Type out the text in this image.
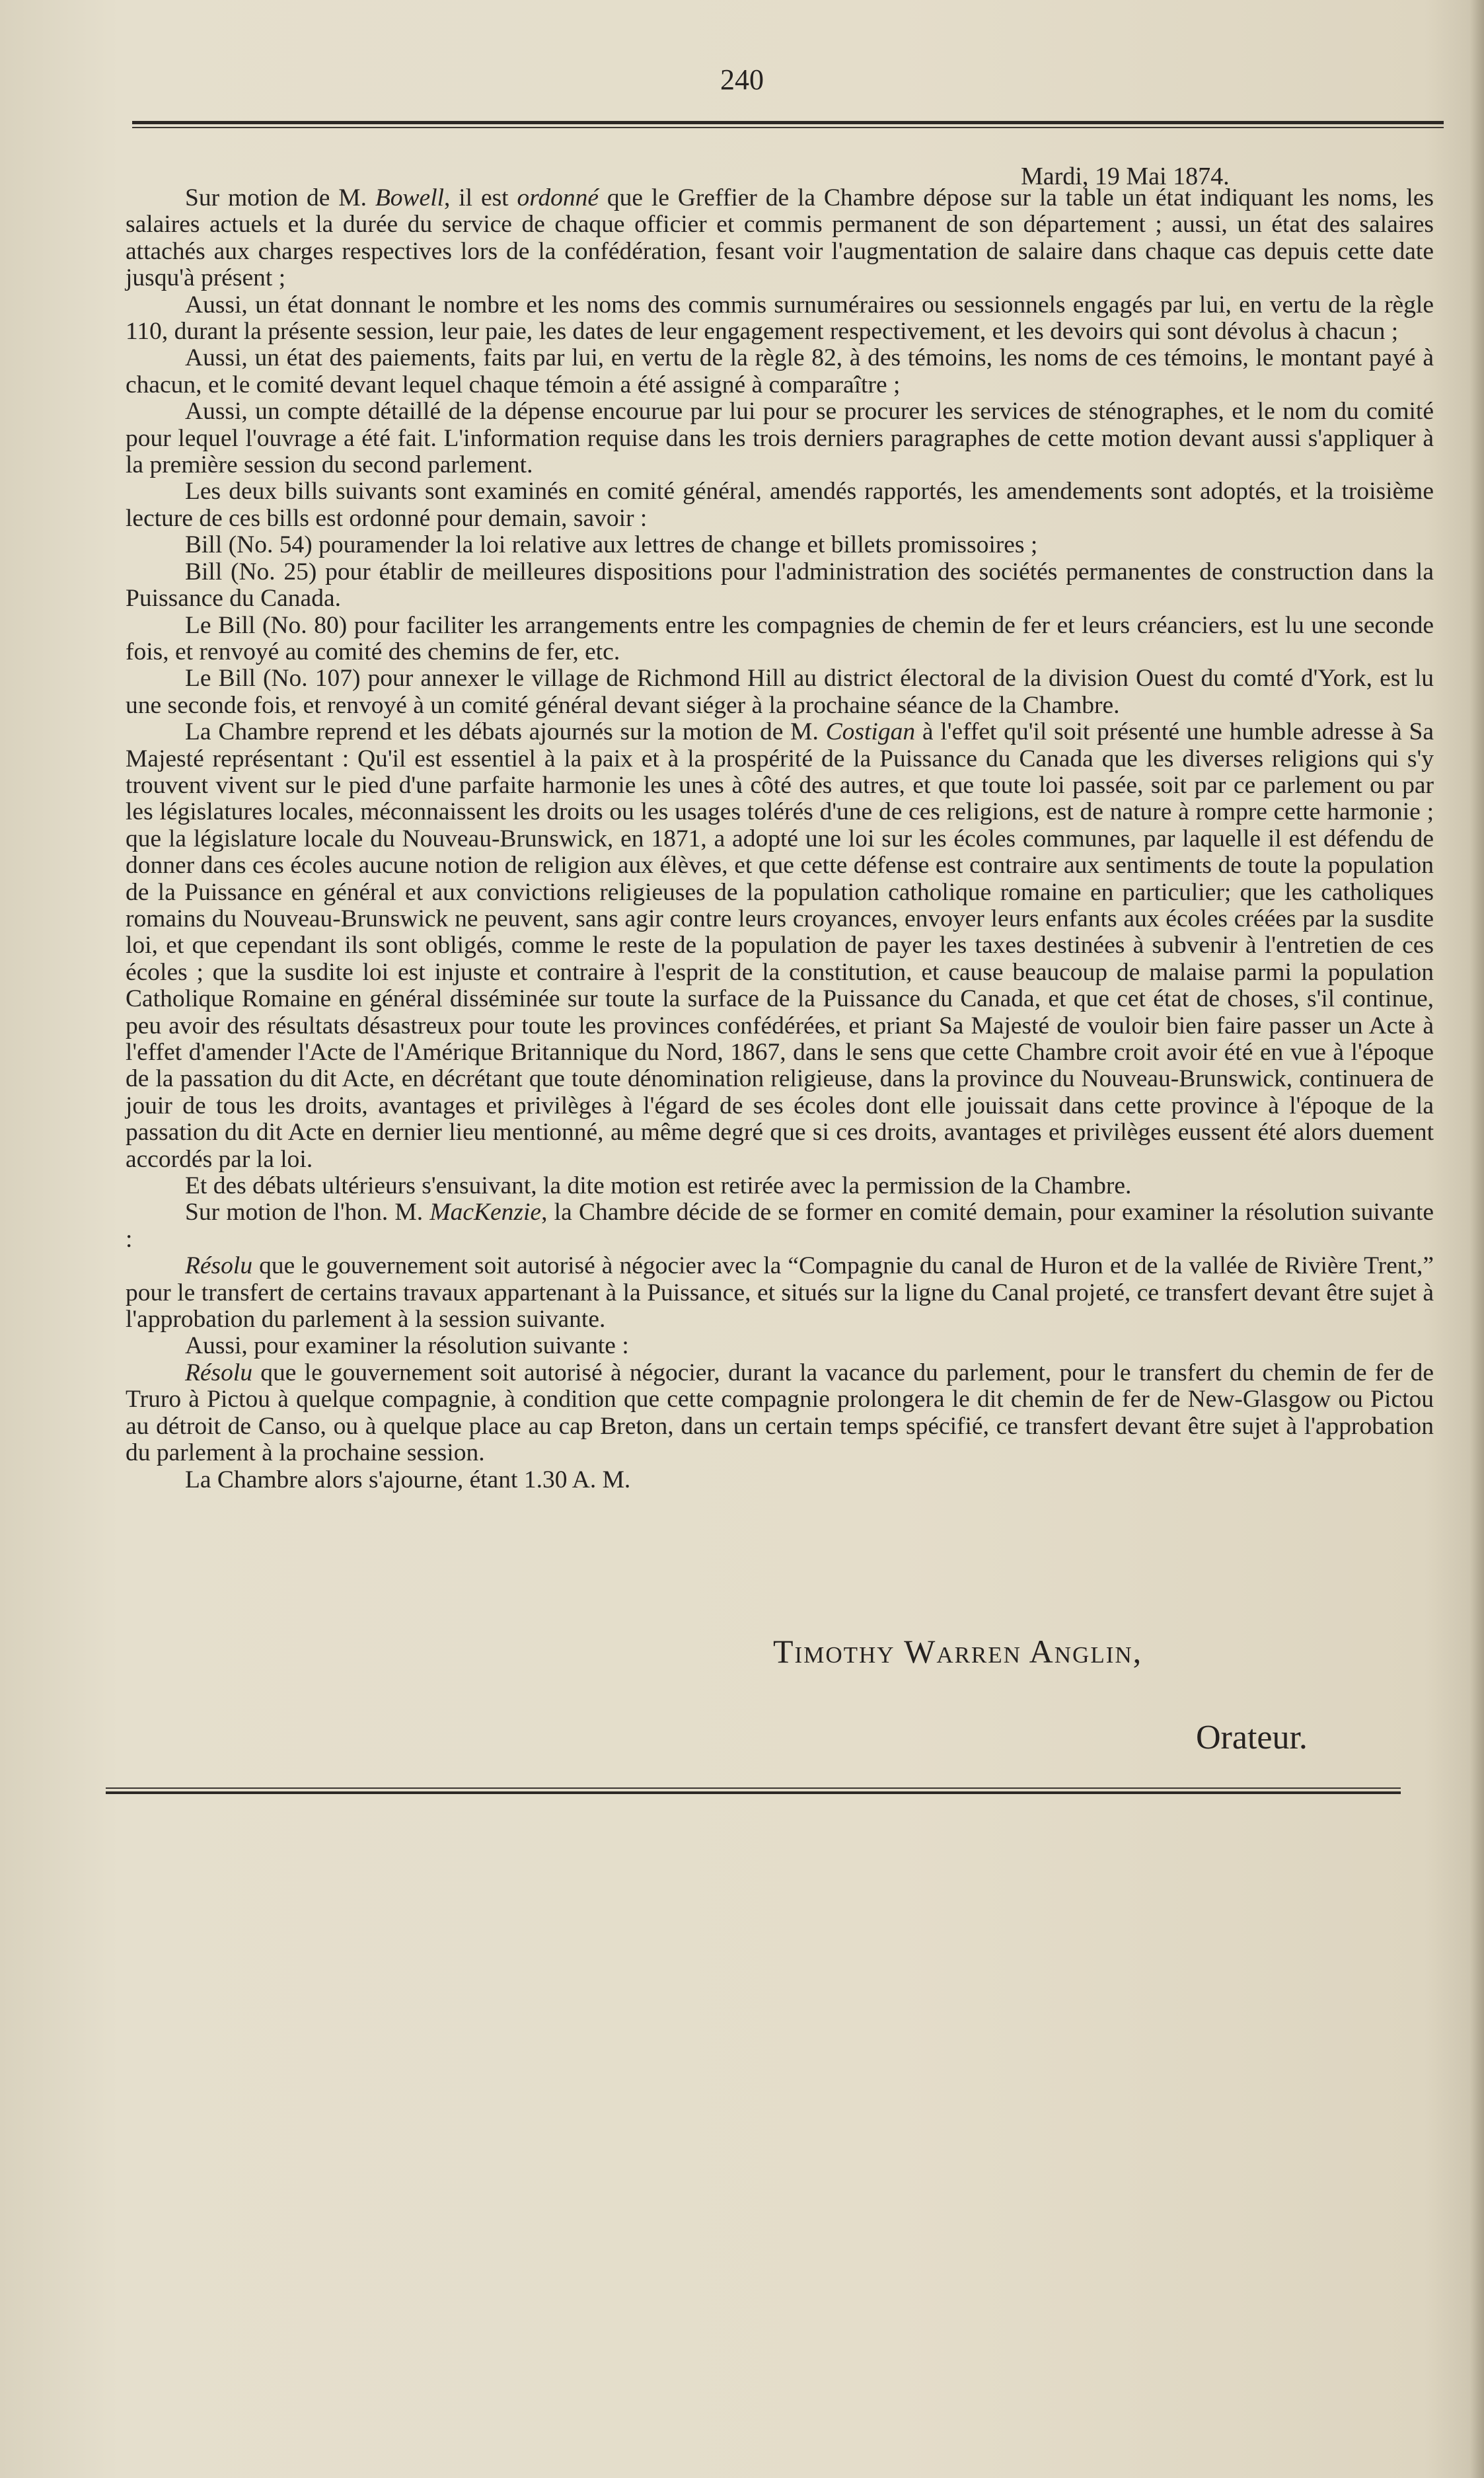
240
Mardi, 19 Mai 1874.

Sur motion de M. Bowell, il est ordonné que le Greffier de la Chambre dépose sur la table un état indiquant les noms, les salaires actuels et la durée du service de chaque officier et commis permanent de son département ; aussi, un état des salaires attachés aux charges respectives lors de la confédération, fesant voir l'augmentation de salaire dans chaque cas depuis cette date jusqu'à présent ;

Aussi, un état donnant le nombre et les noms des commis surnuméraires ou sessionnels engagés par lui, en vertu de la règle 110, durant la présente session, leur paie, les dates de leur engagement respectivement, et les devoirs qui sont dévolus à chacun ;

Aussi, un état des paiements, faits par lui, en vertu de la règle 82, à des témoins, les noms de ces témoins, le montant payé à chacun, et le comité devant lequel chaque témoin a été assigné à comparaître ;

Aussi, un compte détaillé de la dépense encourue par lui pour se procurer les services de sténographes, et le nom du comité pour lequel l'ouvrage a été fait. L'information requise dans les trois derniers paragraphes de cette motion devant aussi s'appliquer à la première session du second parlement.

Les deux bills suivants sont examinés en comité général, amendés rapportés, les amendements sont adoptés, et la troisième lecture de ces bills est ordonné pour demain, savoir :

Bill (No. 54) pouramender la loi relative aux lettres de change et billets promissoires ;

Bill (No. 25) pour établir de meilleures dispositions pour l'administration des sociétés permanentes de construction dans la Puissance du Canada.

Le Bill (No. 80) pour faciliter les arrangements entre les compagnies de chemin de fer et leurs créanciers, est lu une seconde fois, et renvoyé au comité des chemins de fer, etc.

Le Bill (No. 107) pour annexer le village de Richmond Hill au district électoral de la division Ouest du comté d'York, est lu une seconde fois, et renvoyé à un comité général devant siéger à la prochaine séance de la Chambre.

La Chambre reprend et les débats ajournés sur la motion de M. Costigan à l'effet qu'il soit présenté une humble adresse à Sa Majesté représentant : Qu'il est essentiel à la paix et à la prospérité de la Puissance du Canada que les diverses religions qui s'y trouvent vivent sur le pied d'une parfaite harmonie les unes à côté des autres, et que toute loi passée, soit par ce parlement ou par les législatures locales, méconnaissent les droits ou les usages tolérés d'une de ces religions, est de nature à rompre cette harmonie ; que la législature locale du Nouveau-Brunswick, en 1871, a adopté une loi sur les écoles communes, par laquelle il est défendu de donner dans ces écoles aucune notion de religion aux élèves, et que cette défense est contraire aux sentiments de toute la population de la Puissance en général et aux convictions religieuses de la population catholique romaine en particulier; que les catholiques romains du Nouveau-Brunswick ne peuvent, sans agir contre leurs croyances, envoyer leurs enfants aux écoles créées par la susdite loi, et que cependant ils sont obligés, comme le reste de la population de payer les taxes destinées à subvenir à l'entretien de ces écoles ; que la susdite loi est injuste et contraire à l'esprit de la constitution, et cause beaucoup de malaise parmi la population Catholique Romaine en général disséminée sur toute la surface de la Puissance du Canada, et que cet état de choses, s'il continue, peu avoir des résultats désastreux pour toute les provinces confédérées, et priant Sa Majesté de vouloir bien faire passer un Acte à l'effet d'amender l'Acte de l'Amérique Britannique du Nord, 1867, dans le sens que cette Chambre croit avoir été en vue à l'époque de la passation du dit Acte, en décrétant que toute dénomination religieuse, dans la province du Nouveau-Brunswick, continuera de jouir de tous les droits, avantages et privilèges à l'égard de ses écoles dont elle jouissait dans cette province à l'époque de la passation du dit Acte en dernier lieu mentionné, au même degré que si ces droits, avantages et privilèges eussent été alors duement accordés par la loi.

Et des débats ultérieurs s'ensuivant, la dite motion est retirée avec la permission de la Chambre.

Sur motion de l'hon. M. MacKenzie, la Chambre décide de se former en comité demain, pour examiner la résolution suivante :

Résolu que le gouvernement soit autorisé à négocier avec la “Compagnie du canal de Huron et de la vallée de Rivière Trent,” pour le transfert de certains travaux appartenant à la Puissance, et situés sur la ligne du Canal projeté, ce transfert devant être sujet à l'approbation du parlement à la session suivante.

Aussi, pour examiner la résolution suivante :

Résolu que le gouvernement soit autorisé à négocier, durant la vacance du parlement, pour le transfert du chemin de fer de Truro à Pictou à quelque compagnie, à condition que cette compagnie prolongera le dit chemin de fer de New-Glasgow ou Pictou au détroit de Canso, ou à quelque place au cap Breton, dans un certain temps spécifié, ce transfert devant être sujet à l'approbation du parlement à la prochaine session.

La Chambre alors s'ajourne, étant 1.30 A. M.

Timothy Warren Anglin,
Orateur.
